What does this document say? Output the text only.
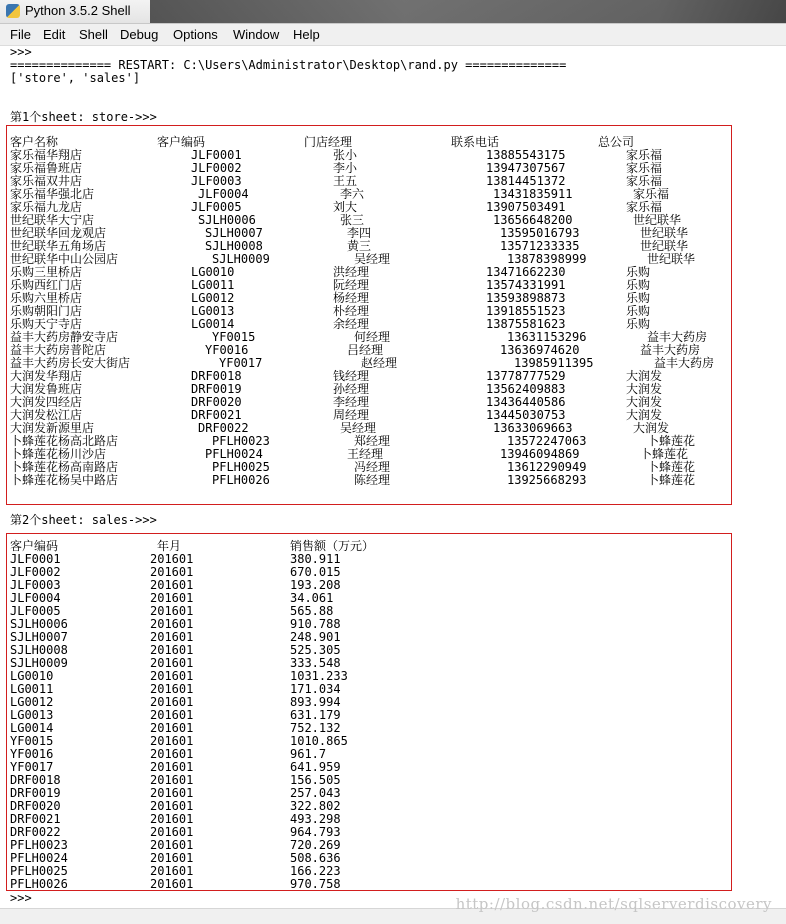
Python 3.5.2 Shell
File Edit Shell Debug Options Window Help
>>>
============== RESTART: C:\Users\Administrator\Desktop\rand.py ==============
['store', 'sales']
第1个sheet: store->>>
客户名称	客户编码	门店经理	联系电话	总公司
家乐福华翔店	JLF0001	张小	13885543175	家乐福
家乐福鲁班店	JLF0002	李小	13947307567	家乐福
家乐福双井店	JLF0003	王五	13814451372	家乐福
家乐福华强北店	JLF0004	李六	13431835911	家乐福
家乐福九龙店	JLF0005	刘大	13907503491	家乐福
世纪联华大宁店	SJLH0006	张三	13656648200	世纪联华
世纪联华回龙观店	SJLH0007	李四	13595016793	世纪联华
世纪联华五角场店	SJLH0008	黄三	13571233335	世纪联华
世纪联华中山公园店	SJLH0009	吴经理	13878398999	世纪联华
乐购三里桥店	LG0010	洪经理	13471662230	乐购
乐购西红门店	LG0011	阮经理	13574331991	乐购
乐购六里桥店	LG0012	杨经理	13593898873	乐购
乐购朝阳门店	LG0013	朴经理	13918551523	乐购
乐购天宁寺店	LG0014	余经理	13875581623	乐购
益丰大药房静安寺店	YF0015	何经理	13631153296	益丰大药房
益丰大药房普陀店	YF0016	吕经理	13636974620	益丰大药房
益丰大药房长安大街店	YF0017	赵经理	13985911395	益丰大药房
大润发华翔店	DRF0018	钱经理	13778777529	大润发
大润发鲁班店	DRF0019	孙经理	13562409883	大润发
大润发四经店	DRF0020	李经理	13436440586	大润发
大润发松江店	DRF0021	周经理	13445030753	大润发
大润发新源里店	DRF0022	吴经理	13633069663	大润发
卜蜂莲花杨高北路店	PFLH0023	郑经理	13572247063	卜蜂莲花
卜蜂莲花杨川沙店	PFLH0024	王经理	13946094869	卜蜂莲花
卜蜂莲花杨高南路店	PFLH0025	冯经理	13612290949	卜蜂莲花
卜蜂莲花杨吴中路店	PFLH0026	陈经理	13925668293	卜蜂莲花
第2个sheet: sales->>>
客户编码	年月	销售额（万元）
JLF0001	201601	380.911
JLF0002	201601	670.015
JLF0003	201601	193.208
JLF0004	201601	34.061
JLF0005	201601	565.88
SJLH0006	201601	910.788
SJLH0007	201601	248.901
SJLH0008	201601	525.305
SJLH0009	201601	333.548
LG0010	201601	1031.233
LG0011	201601	171.034
LG0012	201601	893.994
LG0013	201601	631.179
LG0014	201601	752.132
YF0015	201601	1010.865
YF0016	201601	961.7
YF0017	201601	641.959
DRF0018	201601	156.505
DRF0019	201601	257.043
DRF0020	201601	322.802
DRF0021	201601	493.298
DRF0022	201601	964.793
PFLH0023	201601	720.269
PFLH0024	201601	508.636
PFLH0025	201601	166.223
PFLH0026	201601	970.758
>>>	http://blog.csdn.net/sqlserverdiscovery
